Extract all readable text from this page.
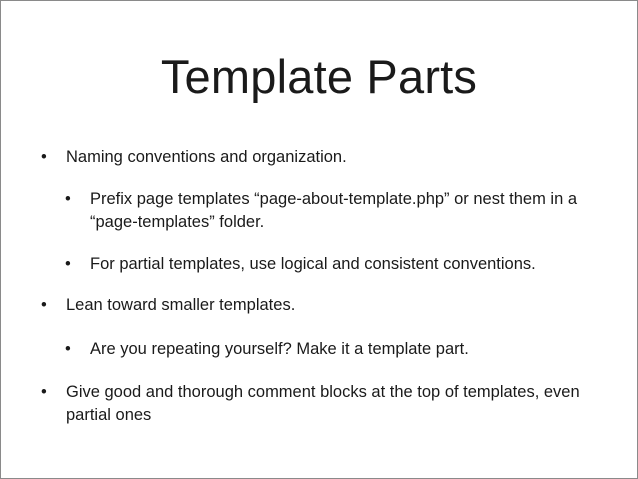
Template Parts
• Naming conventions and organization.
• Prefix page templates “page-about-template.php” or nest them in a “page-templates” folder.
• For partial templates, use logical and consistent conventions.
• Lean toward smaller templates.
• Are you repeating yourself? Make it a template part.
• Give good and thorough comment blocks at the top of templates, even partial ones
